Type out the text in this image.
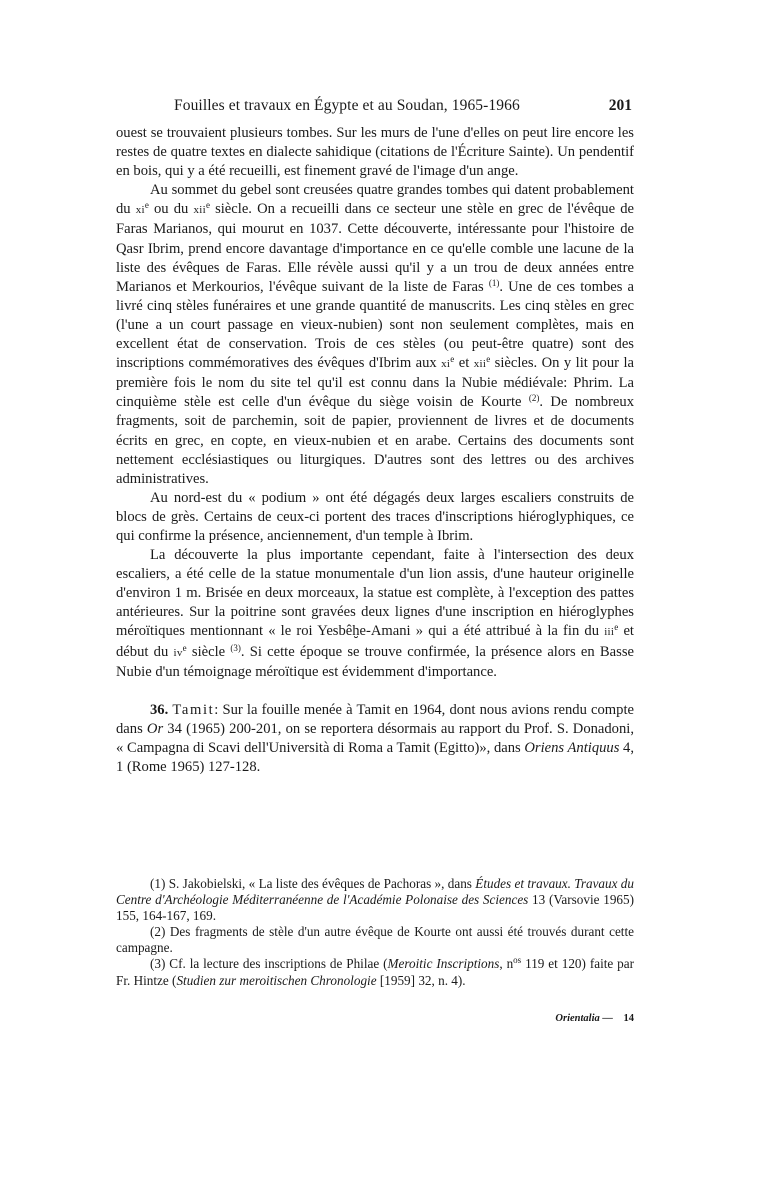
Fouilles et travaux en Égypte et au Soudan, 1965-1966	201

ouest se trouvaient plusieurs tombes. Sur les murs de l'une d'elles on peut lire encore les restes de quatre textes en dialecte sahidique (citations de l'Écriture Sainte). Un pendentif en bois, qui y a été recueilli, est finement gravé de l'image d'un ange.

Au sommet du gebel sont creusées quatre grandes tombes qui datent probablement du $xi^e$ ou du xii$^e$ siècle. On a recueilli dans ce secteur une stèle en grec de l'évêque de Faras Marianos, qui mourut en 1037. Cette découverte, intéressante pour l'histoire de Qasr Ibrim, prend encore davantage d'importance en ce qu'elle comble une lacune de la liste des évêques de Faras. Elle révèle aussi qu'il y a un trou de deux années entre Marianos et Merkourios, l'évêque suivant de la liste de Faras $^{(1)}$. Une de ces tombes a livré cinq stèles funéraires et une grande quantité de manuscrits. Les cinq stèles en grec (l'une a un court passage en vieux-nubien) sont non seulement complètes, mais en excellent état de conservation. Trois de ces stèles (ou peut-être quatre) sont des inscriptions commémoratives des évêques d'Ibrim aux $xi^e$ et xii$^e$ siècles. On y lit pour la première fois le nom du site tel qu'il est connu dans la Nubie médiévale: Phrim. La cinquième stèle est celle d'un évêque du siège voisin de Kourte $^{(2)}$. De nombreux fragments, soit de parchemin, soit de papier, proviennent de livres et de documents écrits en grec, en copte, en vieux-nubien et en arabe. Certains des documents sont nettement ecclésiastiques ou liturgiques. D'autres sont des lettres ou des archives administratives.

Au nord-est du « podium » ont été dégagés deux larges escaliers construits de blocs de grès. Certains de ceux-ci portent des traces d'inscriptions hiéroglyphiques, ce qui confirme la présence, anciennement, d'un temple à Ibrim.

La découverte la plus importante cependant, faite à l'intersection des deux escaliers, a été celle de la statue monumentale d'un lion assis, d'une hauteur originelle d'environ 1 m. Brisée en deux morceaux, la statue est complète, à l'exception des pattes antérieures. Sur la poitrine sont gravées deux lignes d'une inscription en hiéroglyphes méroïtiques mentionnant « le roi Yesbêḫe-Amani » qui a été attribué à la fin du iii$^e$ et début du $iv^e$ siècle $^{(3)}$. Si cette époque se trouve confirmée, la présence alors en Basse Nubie d'un témoignage méroïtique est évidemment d'importance.

36. Tamit: Sur la fouille menée à Tamit en 1964, dont nous avions rendu compte dans Or 34 (1965) 200-201, on se reportera désormais au rapport du Prof. S. Donadoni, « Campagna di Scavi dell'Università di Roma a Tamit (Egitto)», dans Oriens Antiquus 4, 1 (Rome 1965) 127-128.

(1) S. Jakobielski, « La liste des évêques de Pachoras », dans Études et travaux. Travaux du Centre d'Archéologie Méditerranéenne de l'Académie Polonaise des Sciences 13 (Varsovie 1965) 155, 164-167, 169.

(2) Des fragments de stèle d'un autre évêque de Kourte ont aussi été trouvés durant cette campagne.

(3) Cf. la lecture des inscriptions de Philae (Meroitic Inscriptions, $n^{os}$ 119 et 120) faite par Fr. Hintze (Studien zur meroitischen Chronologie [1959] 32, n. 4).

Orientalia — 14
